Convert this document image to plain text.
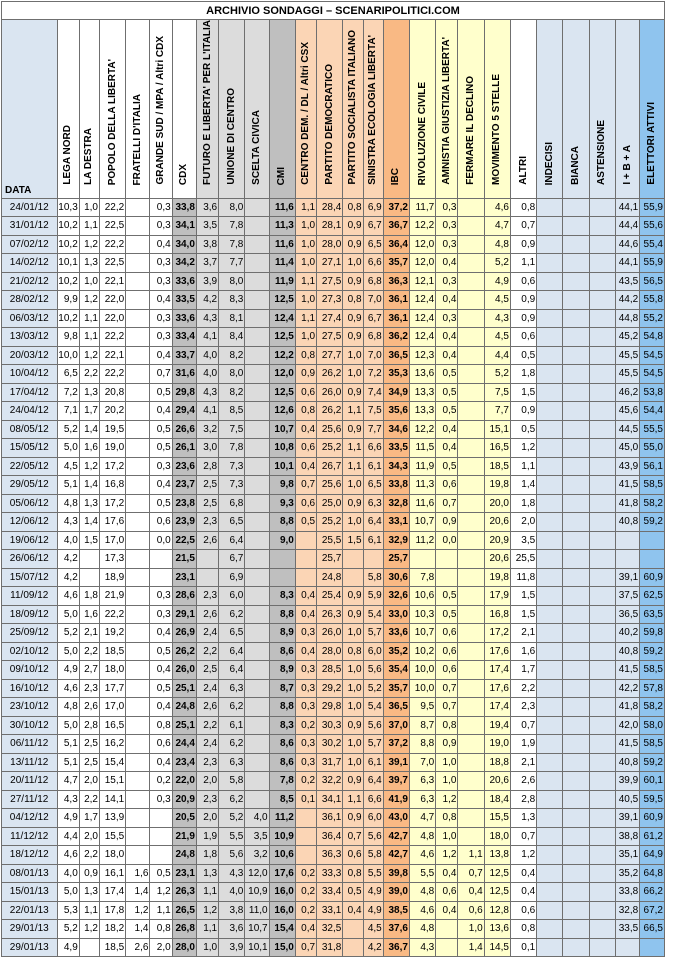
ARCHIVIO SONDAGGI – SCENARIPOLITICI.COM																									
DATA	LEGA NORD	LA DESTRA	POPOLO DELLA LIBERTA'	FRATELLI D'ITALIA	GRANDE SUD / MPA / Altri CDX	CDX	FUTURO E LIBERTA' PER L'ITALIA	UNIONE DI CENTRO	SCELTA CIVICA	CMI	CENTRO DEM. / DL / Altri CSX	PARTITO DEMOCRATICO	PARTITO SOCIALISTA ITALIANO	SINISTRA ECOLOGIA LIBERTA'	IBC	RIVOLUZIONE CIVILE	AMNISTIA GIUSTIZIA LIBERTA'	FERMARE IL DECLINO	MOVIMENTO 5 STELLE	ALTRI	INDECISI	BIANCA	ASTENSIONE	I + B + A	ELETTORI ATTIVI
24/01/12	10,3	1,0	22,2		0,3	33,8	3,6	8,0		11,6	1,1	28,4	0,8	6,9	37,2	11,7	0,3		4,6	0,8				44,1	55,9
31/01/12	10,2	1,1	22,5		0,3	34,1	3,5	7,8		11,3	1,0	28,1	0,9	6,7	36,7	12,2	0,3		4,7	0,7				44,4	55,6
07/02/12	10,2	1,2	22,2		0,4	34,0	3,8	7,8		11,6	1,0	28,0	0,9	6,5	36,4	12,0	0,3		4,8	0,9				44,6	55,4
14/02/12	10,1	1,3	22,5		0,3	34,2	3,7	7,7		11,4	1,0	27,1	1,0	6,6	35,7	12,0	0,4		5,2	1,1				44,1	55,9
21/02/12	10,2	1,0	22,1		0,3	33,6	3,9	8,0		11,9	1,1	27,5	0,9	6,8	36,3	12,1	0,3		4,9	0,6				43,5	56,5
28/02/12	9,9	1,2	22,0		0,4	33,5	4,2	8,3		12,5	1,0	27,3	0,8	7,0	36,1	12,4	0,4		4,5	0,9				44,2	55,8
06/03/12	10,2	1,1	22,0		0,3	33,6	4,3	8,1		12,4	1,1	27,4	0,9	6,7	36,1	12,4	0,3		4,3	0,9				44,8	55,2
13/03/12	9,8	1,1	22,2		0,3	33,4	4,1	8,4		12,5	1,0	27,5	0,9	6,8	36,2	12,4	0,4		4,5	0,6				45,2	54,8
20/03/12	10,0	1,2	22,1		0,4	33,7	4,0	8,2		12,2	0,8	27,7	1,0	7,0	36,5	12,3	0,4		4,4	0,5				45,5	54,5
10/04/12	6,5	2,2	22,2		0,7	31,6	4,0	8,0		12,0	0,9	26,2	1,0	7,2	35,3	13,6	0,5		5,2	1,8				45,5	54,5
17/04/12	7,2	1,3	20,8		0,5	29,8	4,3	8,2		12,5	0,6	26,0	0,9	7,4	34,9	13,3	0,5		7,5	1,5				46,2	53,8
24/04/12	7,1	1,7	20,2		0,4	29,4	4,1	8,5		12,6	0,8	26,2	1,1	7,5	35,6	13,3	0,5		7,7	0,9				45,6	54,4
08/05/12	5,2	1,4	19,5		0,5	26,6	3,2	7,5		10,7	0,4	25,6	0,9	7,7	34,6	12,2	0,4		15,1	0,5				44,5	55,5
15/05/12	5,0	1,6	19,0		0,5	26,1	3,0	7,8		10,8	0,6	25,2	1,1	6,6	33,5	11,5	0,4		16,5	1,2				45,0	55,0
22/05/12	4,5	1,2	17,2		0,3	23,6	2,8	7,3		10,1	0,4	26,7	1,1	6,1	34,3	11,9	0,5		18,5	1,1				43,9	56,1
29/05/12	5,1	1,4	16,8		0,4	23,7	2,5	7,3		9,8	0,7	25,6	1,0	6,5	33,8	11,3	0,6		19,8	1,4				41,5	58,5
05/06/12	4,8	1,3	17,2		0,5	23,8	2,5	6,8		9,3	0,6	25,0	0,9	6,3	32,8	11,6	0,7		20,0	1,8				41,8	58,2
12/06/12	4,3	1,4	17,6		0,6	23,9	2,3	6,5		8,8	0,5	25,2	1,0	6,4	33,1	10,7	0,9		20,6	2,0				40,8	59,2
19/06/12	4,0	1,5	17,0		0,0	22,5	2,6	6,4		9,0		25,5	1,5	6,1	32,9	11,2	0,0		20,9	3,5					
26/06/12	4,2		17,3			21,5		6,7				25,7			25,7				20,6	25,5					
15/07/12	4,2		18,9			23,1		6,9				24,8		5,8	30,6	7,8			19,8	11,8				39,1	60,9
11/09/12	4,6	1,8	21,9		0,3	28,6	2,3	6,0		8,3	0,4	25,4	0,9	5,9	32,6	10,6	0,5		17,9	1,5				37,5	62,5
18/09/12	5,0	1,6	22,2		0,3	29,1	2,6	6,2		8,8	0,4	26,3	0,9	5,4	33,0	10,3	0,5		16,8	1,5				36,5	63,5
25/09/12	5,2	2,1	19,2		0,4	26,9	2,4	6,5		8,9	0,3	26,0	1,0	5,7	33,6	10,7	0,6		17,2	2,1				40,2	59,8
02/10/12	5,0	2,2	18,5		0,5	26,2	2,2	6,4		8,6	0,4	28,0	0,8	6,0	35,2	10,2	0,6		17,6	1,6				40,8	59,2
09/10/12	4,9	2,7	18,0		0,4	26,0	2,5	6,4		8,9	0,3	28,5	1,0	5,6	35,4	10,0	0,6		17,4	1,7				41,5	58,5
16/10/12	4,6	2,3	17,7		0,5	25,1	2,4	6,3		8,7	0,3	29,2	1,0	5,2	35,7	10,0	0,7		17,6	2,2				42,2	57,8
23/10/12	4,8	2,6	17,0		0,4	24,8	2,6	6,2		8,8	0,3	29,8	1,0	5,4	36,5	9,5	0,7		17,4	2,3				41,8	58,2
30/10/12	5,0	2,8	16,5		0,8	25,1	2,2	6,1		8,3	0,2	30,3	0,9	5,6	37,0	8,7	0,8		19,4	0,7				42,0	58,0
06/11/12	5,1	2,5	16,2		0,6	24,4	2,4	6,2		8,6	0,3	30,2	1,0	5,7	37,2	8,8	0,9		19,0	1,9				41,5	58,5
13/11/12	5,1	2,5	15,4		0,4	23,4	2,3	6,3		8,6	0,3	31,7	1,0	6,1	39,1	7,0	1,0		18,8	2,1				40,8	59,2
20/11/12	4,7	2,0	15,1		0,2	22,0	2,0	5,8		7,8	0,2	32,2	0,9	6,4	39,7	6,3	1,0		20,6	2,6				39,9	60,1
27/11/12	4,3	2,2	14,1		0,3	20,9	2,3	6,2		8,5	0,1	34,1	1,1	6,6	41,9	6,3	1,2		18,4	2,8				40,5	59,5
04/12/12	4,9	1,7	13,9			20,5	2,0	5,2	4,0	11,2		36,1	0,9	6,0	43,0	4,7	0,8		15,5	1,3				39,1	60,9
11/12/12	4,4	2,0	15,5			21,9	1,9	5,5	3,5	10,9		36,4	0,7	5,6	42,7	4,8	1,0		18,0	0,7				38,8	61,2
18/12/12	4,6	2,2	18,0			24,8	1,8	5,6	3,2	10,6		36,3	0,6	5,8	42,7	4,6	1,2	1,1	13,8	1,2				35,1	64,9
08/01/13	4,0	0,9	16,1	1,6	0,5	23,1	1,3	4,3	12,0	17,6	0,2	33,3	0,8	5,5	39,8	5,5	0,4	0,7	12,5	0,4				35,2	64,8
15/01/13	5,0	1,3	17,4	1,4	1,2	26,3	1,1	4,0	10,9	16,0	0,2	33,4	0,5	4,9	39,0	4,8	0,6	0,4	12,5	0,4				33,8	66,2
22/01/13	5,3	1,1	17,8	1,2	1,1	26,5	1,2	3,8	11,0	16,0	0,2	33,1	0,4	4,9	38,5	4,6	0,4	0,6	12,8	0,6				32,8	67,2
29/01/13	5,2	1,2	18,2	1,4	0,8	26,8	1,1	3,6	10,7	15,4	0,4	32,5		4,5	37,6	4,8		1,0	13,6	0,8				33,5	66,5
29/01/13	4,9		18,5	2,6	2,0	28,0	1,0	3,9	10,1	15,0	0,7	31,8		4,2	36,7	4,3		1,4	14,5	0,1					
